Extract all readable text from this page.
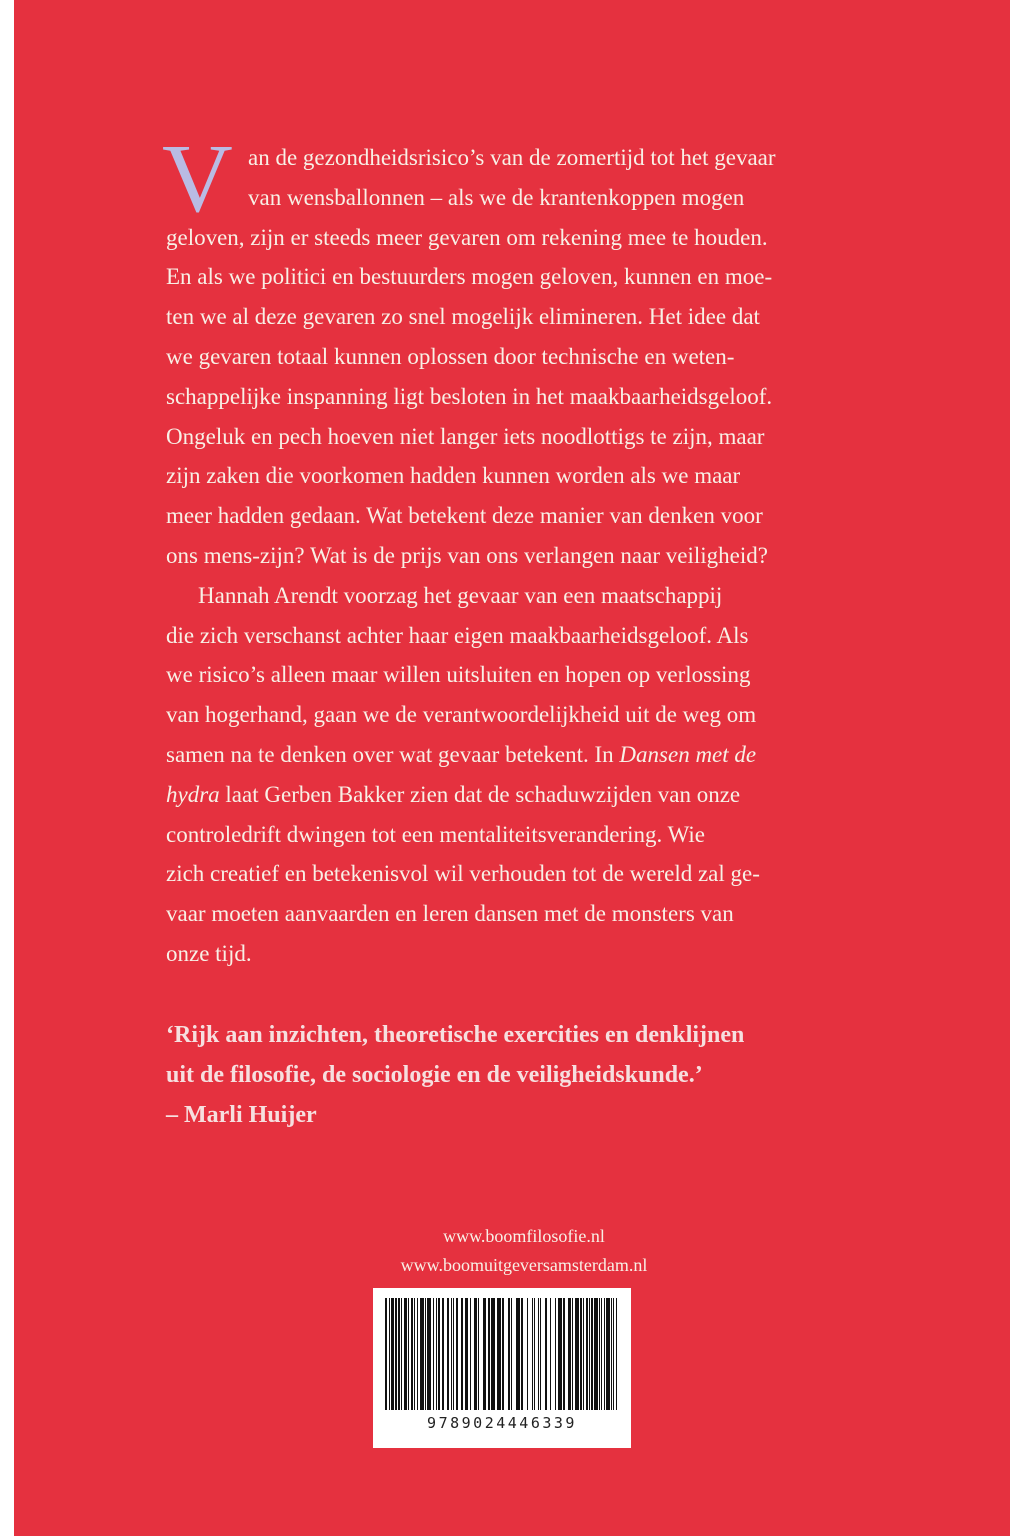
V an de gezondheidsrisico’s van de zomertijd tot het gevaar
van wensballonnen – als we de krantenkoppen mogen
geloven, zijn er steeds meer gevaren om rekening mee te houden.
En als we politici en bestuurders mogen geloven, kunnen en moe-
ten we al deze gevaren zo snel mogelijk elimineren. Het idee dat
we gevaren totaal kunnen oplossen door technische en weten-
schappelijke inspanning ligt besloten in het maakbaarheidsgeloof.
Ongeluk en pech hoeven niet langer iets noodlottigs te zijn, maar
zijn zaken die voorkomen hadden kunnen worden als we maar
meer hadden gedaan. Wat betekent deze manier van denken voor
ons mens-zijn? Wat is de prijs van ons verlangen naar veiligheid?
Hannah Arendt voorzag het gevaar van een maatschappij
die zich verschanst achter haar eigen maakbaarheidsgeloof. Als
we risico’s alleen maar willen uitsluiten en hopen op verlossing
van hogerhand, gaan we de verantwoordelijkheid uit de weg om
samen na te denken over wat gevaar betekent. In Dansen met de
hydra laat Gerben Bakker zien dat de schaduwzijden van onze
controledrift dwingen tot een mentaliteitsverandering. Wie
zich creatief en betekenisvol wil verhouden tot de wereld zal ge-
vaar moeten aanvaarden en leren dansen met de monsters van
onze tijd.
‘Rijk aan inzichten, theoretische exercities en denklijnen
uit de filosofie, de sociologie en de veiligheidskunde.’
– Marli Huijer
www.boomfilosofie.nl
www.boomuitgeversamsterdam.nl
9789024446339
